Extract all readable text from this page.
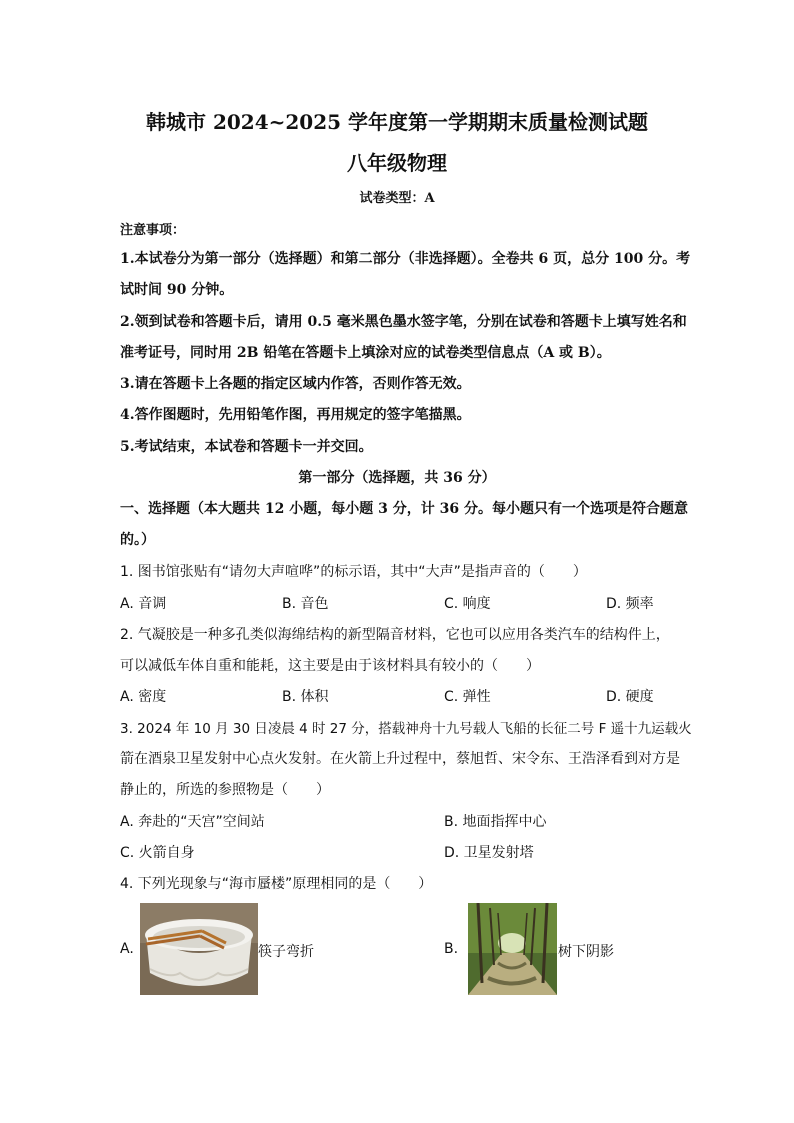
韩城市 2024~2025 学年度第一学期期末质量检测试题
八年级物理
试卷类型：A
注意事项：
1.本试卷分为第一部分（选择题）和第二部分（非选择题）。全卷共 6 页，总分 100 分。考
试时间 90 分钟。
2.领到试卷和答题卡后，请用 0.5 毫米黑色墨水签字笔，分别在试卷和答题卡上填写姓名和
准考证号，同时用 2B 铅笔在答题卡上填涂对应的试卷类型信息点（A 或 B）。
3.请在答题卡上各题的指定区域内作答，否则作答无效。
4.答作图题时，先用铅笔作图，再用规定的签字笔描黑。
5.考试结束，本试卷和答题卡一并交回。
第一部分（选择题，共 36 分）
一、选择题（本大题共 12 小题，每小题 3 分，计 36 分。每小题只有一个选项是符合题意
的。）
1. 图书馆张贴有“请勿大声喧哗”的标示语，其中“大声”是指声音的（　　）
A. 音调	B. 音色	C. 响度	D. 频率
2. 气凝胶是一种多孔类似海绵结构的新型隔音材料，它也可以应用各类汽车的结构件上，
可以减低车体自重和能耗，这主要是由于该材料具有较小的（　　）
A. 密度	B. 体积	C. 弹性	D. 硬度
3. 2024 年 10 月 30 日凌晨 4 时 27 分，搭载神舟十九号载人飞船的长征二号 F 遥十九运载火
箭在酒泉卫星发射中心点火发射。在火箭上升过程中，蔡旭哲、宋令东、王浩泽看到对方是
静止的，所选的参照物是（　　）
A. 奔赴的“天宫”空间站	B. 地面指挥中心
C. 火箭自身	D. 卫星发射塔
4. 下列光现象与“海市蜃楼”原理相同的是（　　）
A.	筷子弯折	B.	树下阴影
